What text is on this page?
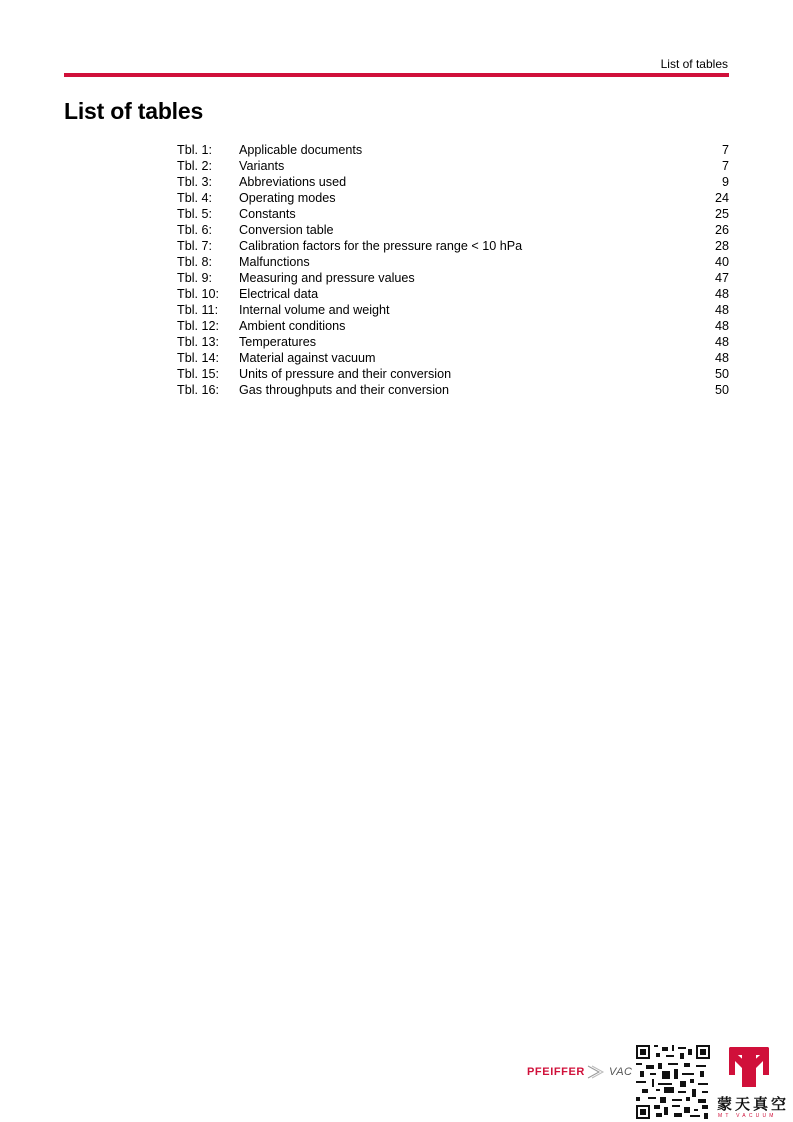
List of tables
List of tables
Tbl. 1:	Applicable documents	7
Tbl. 2:	Variants	7
Tbl. 3:	Abbreviations used	9
Tbl. 4:	Operating modes	24
Tbl. 5:	Constants	25
Tbl. 6:	Conversion table	26
Tbl. 7:	Calibration factors for the pressure range < 10 hPa	28
Tbl. 8:	Malfunctions	40
Tbl. 9:	Measuring and pressure values	47
Tbl. 10:	Electrical data	48
Tbl. 11:	Internal volume and weight	48
Tbl. 12:	Ambient conditions	48
Tbl. 13:	Temperatures	48
Tbl. 14:	Material against vacuum	48
Tbl. 15:	Units of pressure and their conversion	50
Tbl. 16:	Gas throughputs and their conversion	50
PFEIFFER VAC
蒙天真空
MT VACUUM
